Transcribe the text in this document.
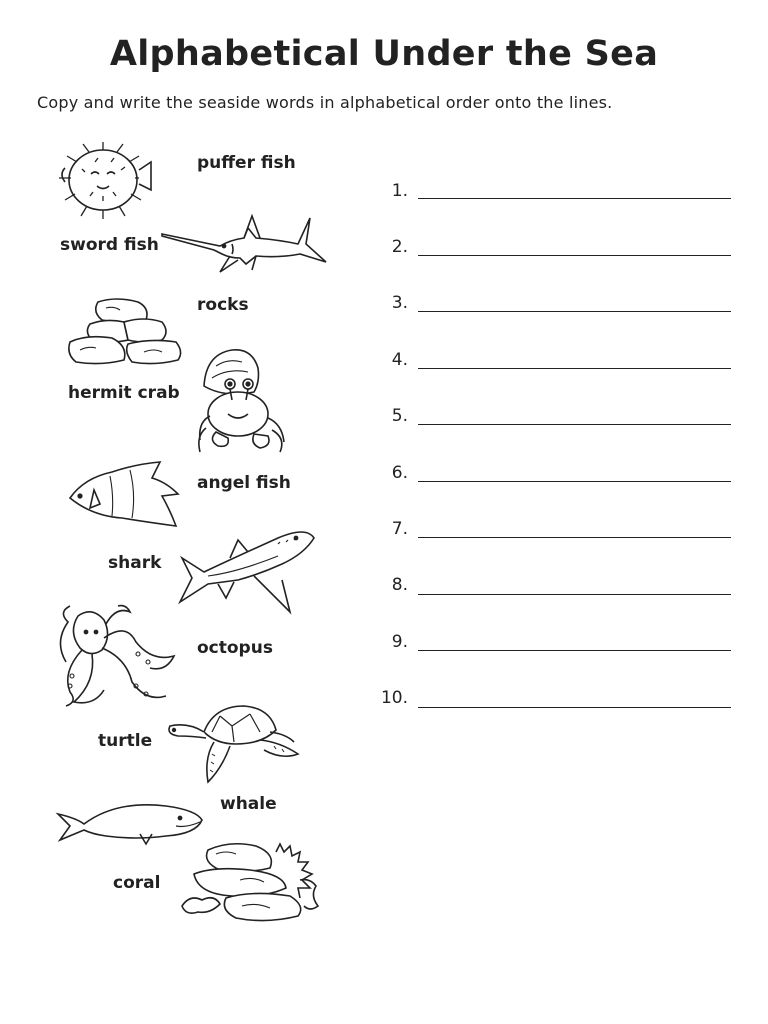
Alphabetical Under the Sea
Copy and write the seaside words in alphabetical order onto the lines.
puffer fish
sword fish
rocks
hermit crab
angel fish
shark
octopus
turtle
whale
coral
1.
2.
3.
4.
5.
6.
7.
8.
9.
10.
